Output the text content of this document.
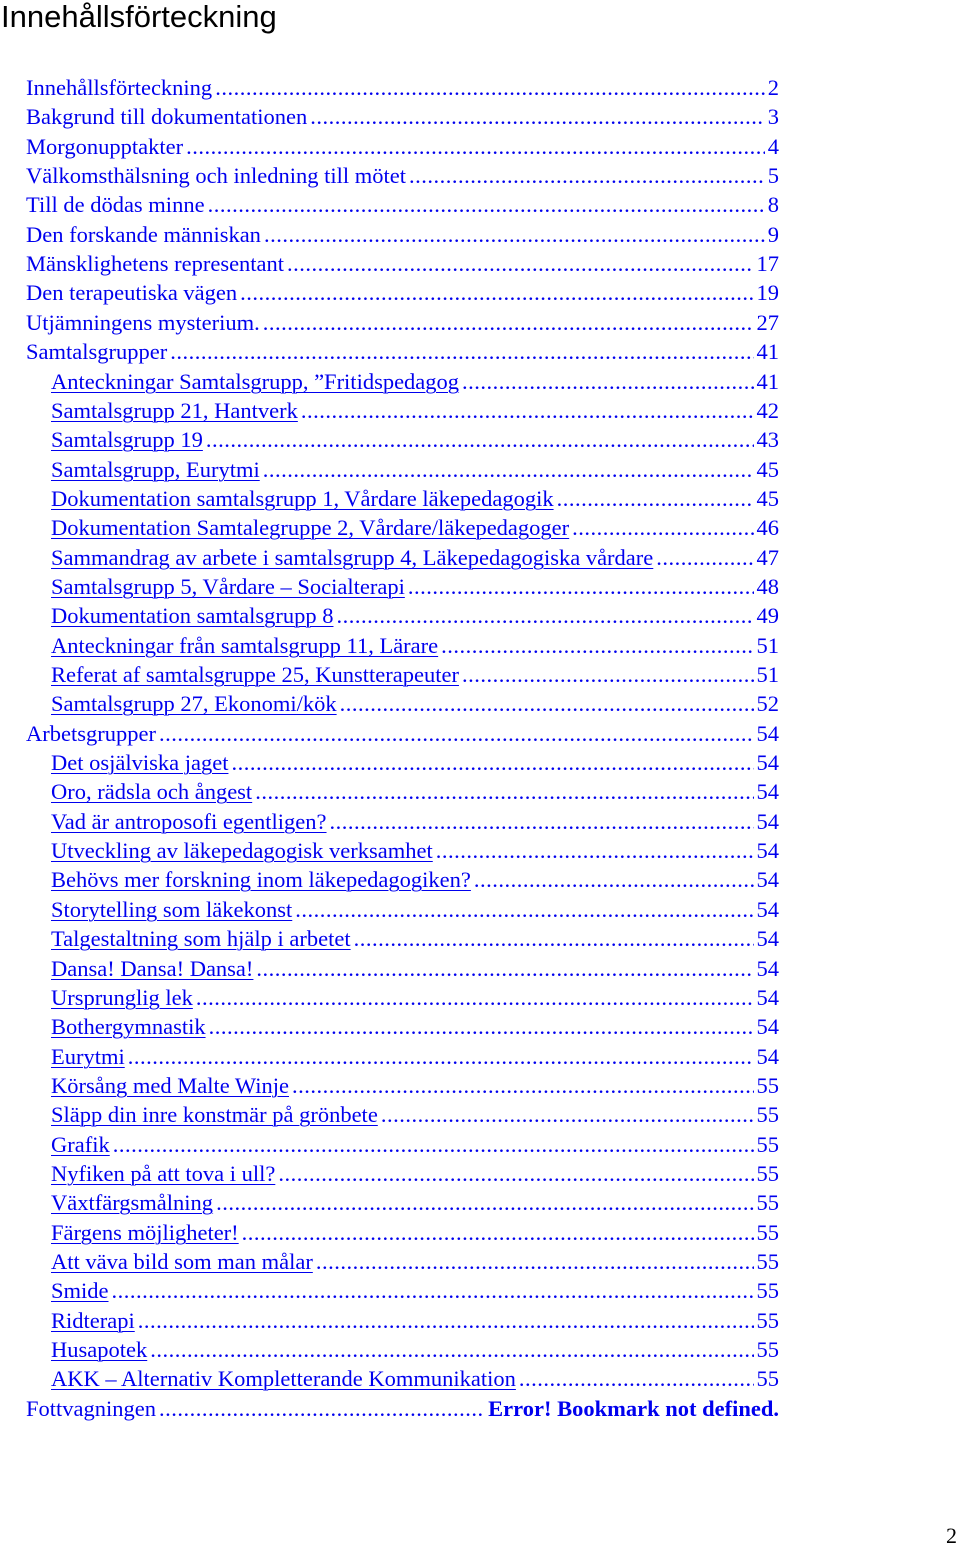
Innehållsförteckning
Innehållsförteckning .....	2
Bakgrund till dokumentationen .....	3
Morgonupptakter .....	4
Välkomsthälsning och inledning till mötet .....	5
Till de dödas minne .....	8
Den forskande människan .....	9
Mänsklighetens representant .....	17
Den terapeutiska vägen .....	19
Utjämningens mysterium. .....	27
Samtalsgrupper .....	41
Anteckningar Samtalsgrupp, ”Fritidspedagog .....	41
Samtalsgrupp 21, Hantverk .....	42
Samtalsgrupp 19 .....	43
Samtalsgrupp, Eurytmi .....	45
Dokumentation samtalsgrupp 1, Vårdare läkepedagogik .....	45
Dokumentation Samtalegruppe 2, Vårdare/läkepedagoger .....	46
Sammandrag av arbete i samtalsgrupp 4, Läkepedagogiska vårdare .....	47
Samtalsgrupp 5, Vårdare – Socialterapi .....	48
Dokumentation samtalsgrupp 8 .....	49
Anteckningar från samtalsgrupp 11, Lärare .....	51
Referat af samtalsgruppe 25, Kunstterapeuter .....	51
Samtalsgrupp 27, Ekonomi/kök .....	52
Arbetsgrupper .....	54
Det osjälviska jaget .....	54
Oro, rädsla och ångest .....	54
Vad är antroposofi egentligen? .....	54
Utveckling av läkepedagogisk verksamhet .....	54
Behövs mer forskning inom läkepedagogiken? .....	54
Storytelling som läkekonst .....	54
Talgestaltning som hjälp i arbetet .....	54
Dansa! Dansa! Dansa! .....	54
Ursprunglig lek .....	54
Bothergymnastik .....	54
Eurytmi .....	54
Körsång med Malte Winje .....	55
Släpp din inre konstmär på grönbete .....	55
Grafik .....	55
Nyfiken på att tova i ull? .....	55
Växtfärgsmålning .....	55
Färgens möjligheter! .....	55
Att väva bild som man målar .....	55
Smide .....	55
Ridterapi .....	55
Husapotek .....	55
AKK – Alternativ Kompletterande Kommunikation .....	55
Fottvagningen .....	Error! Bookmark not defined.
2
